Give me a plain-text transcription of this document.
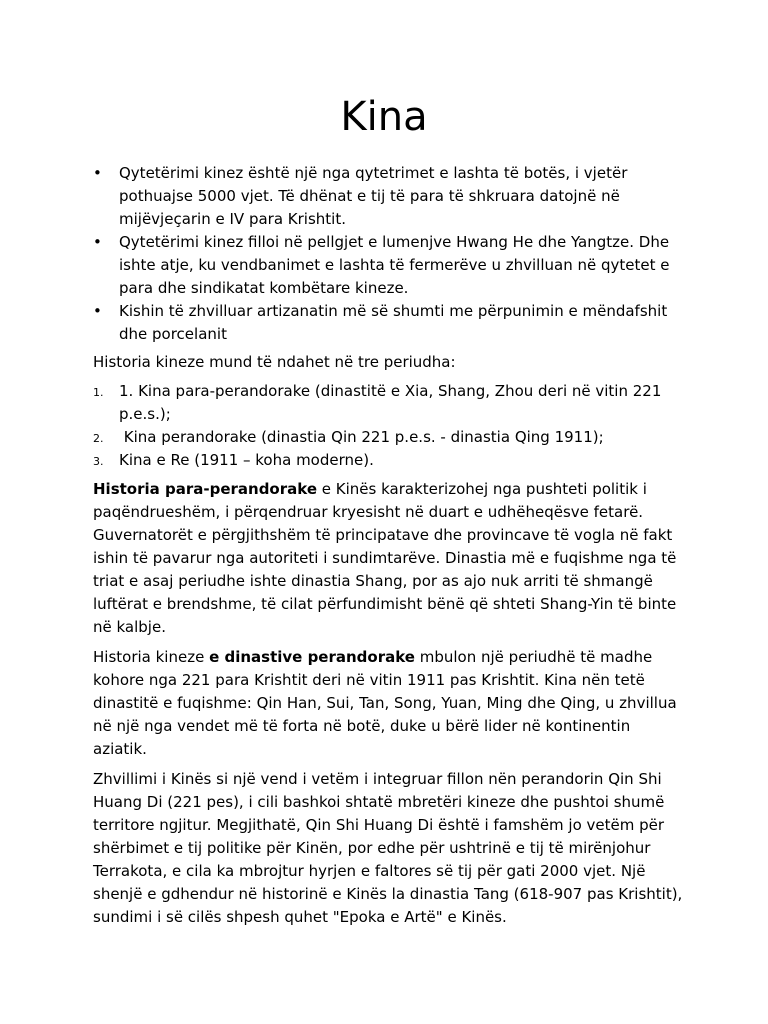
Kina
• Qytetërimi kinez është një nga qytetrimet e lashta të botës, i vjetër pothuajse 5000 vjet. Të dhënat e tij të para të shkruara datojnë në mijëvjeçarin e IV para Krishtit.
• Qytetërimi kinez filloi në pellgjet e lumenjve Hwang He dhe Yangtze. Dhe ishte atje, ku vendbanimet e lashta të fermerëve u zhvilluan në qytetet e para dhe sindikatat kombëtare kineze.
• Kishin të zhvilluar artizanatin më së shumti me përpunimin e mëndafshit dhe porcelanit

Historia kineze mund të ndahet në tre periudha:

1. 1. Kina para-perandorake (dinastitë e Xia, Shang, Zhou deri në vitin 221 p.e.s.);
2. Kina perandorake (dinastia Qin 221 p.e.s. - dinastia Qing 1911);
3. Kina e Re (1911 – koha moderne).

Historia para-perandorake e Kinës karakterizohej nga pushteti politik i paqëndrueshëm, i përqendruar kryesisht në duart e udhëheqësve fetarë. Guvernatorët e përgjithshëm të principatave dhe provincave të vogla në fakt ishin të pavarur nga autoriteti i sundimtarëve. Dinastia më e fuqishme nga të triat e asaj periudhe ishte dinastia Shang, por as ajo nuk arriti të shmangë luftërat e brendshme, të cilat përfundimisht bënë që shteti Shang-Yin të binte në kalbje.

Historia kineze e dinastive perandorake mbulon një periudhë të madhe kohore nga 221 para Krishtit deri në vitin 1911 pas Krishtit. Kina nën tetë dinastitë e fuqishme: Qin Han, Sui, Tan, Song, Yuan, Ming dhe Qing, u zhvillua në një nga vendet më të forta në botë, duke u bërë lider në kontinentin aziatik.

Zhvillimi i Kinës si një vend i vetëm i integruar fillon nën perandorin Qin Shi Huang Di (221 pes), i cili bashkoi shtatë mbretëri kineze dhe pushtoi shumë territore ngjitur. Megjithatë, Qin Shi Huang Di është i famshëm jo vetëm për shërbimet e tij politike për Kinën, por edhe për ushtrinë e tij të mirënjohur Terrakota, e cila ka mbrojtur hyrjen e faltores së tij për gati 2000 vjet. Një shenjë e gdhendur në historinë e Kinës la dinastia Tang (618-907 pas Krishtit), sundimi i së cilës shpesh quhet "Epoka e Artë" e Kinës.
